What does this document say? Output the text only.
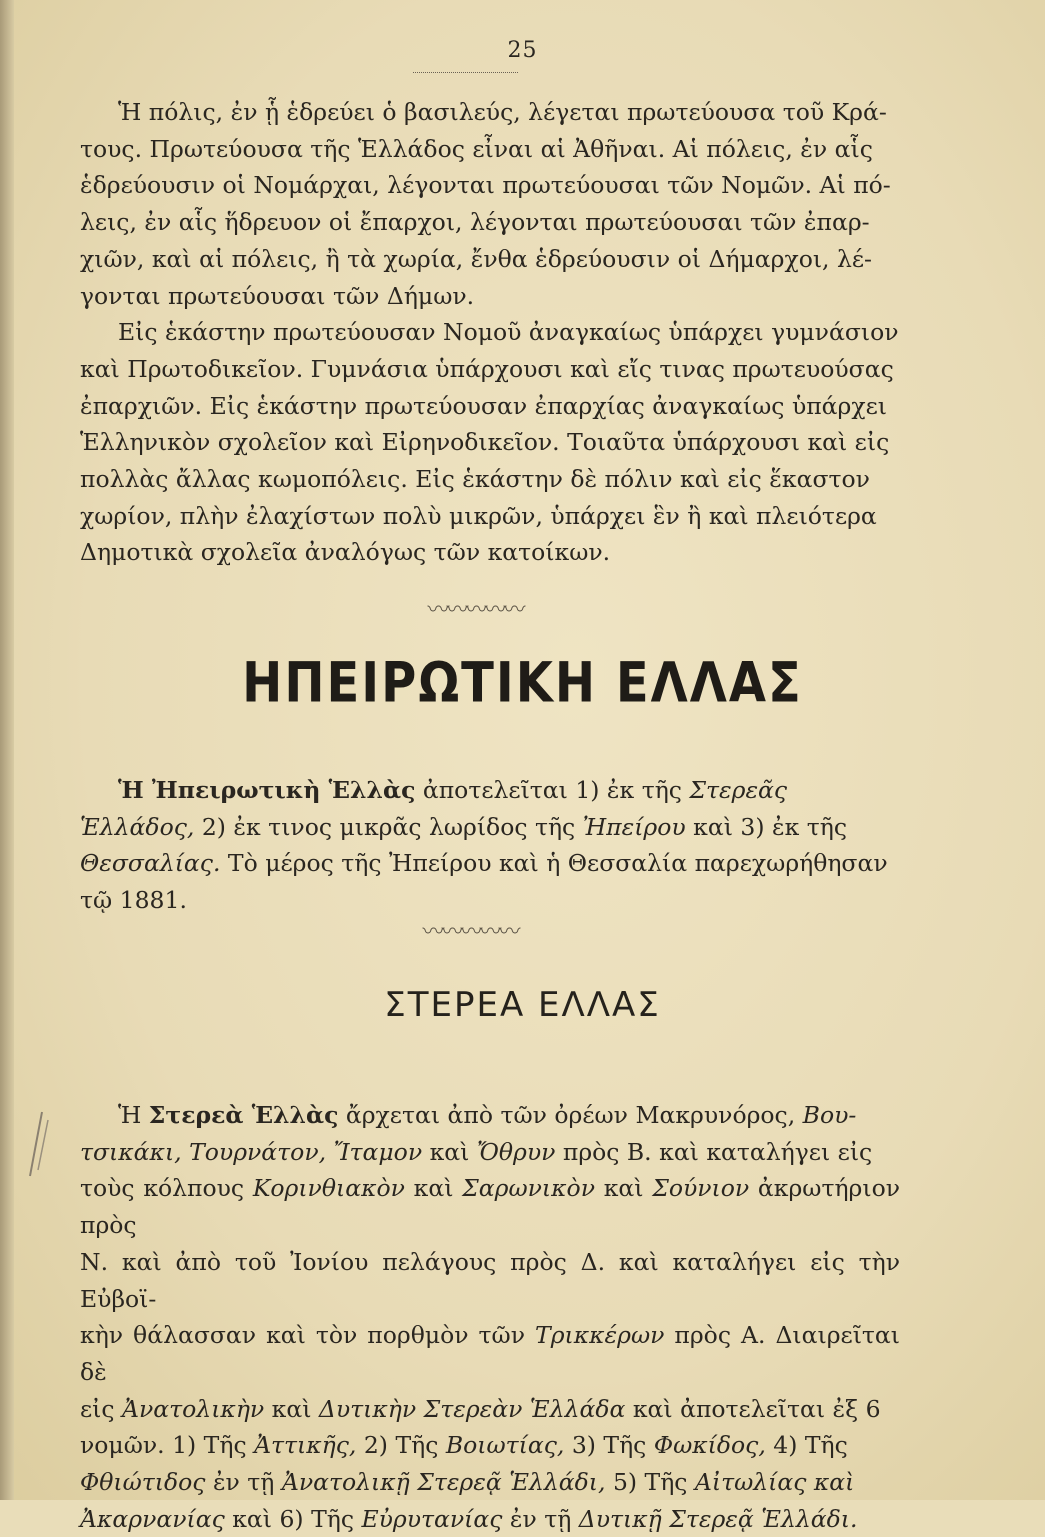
25

Ἡ πόλις, ἐν ᾗ ἑδρεύει ὁ βασιλεύς, λέγεται πρωτεύουσα τοῦ Κρά-

τους. Πρωτεύουσα τῆς Ἑλλάδος εἶναι αἱ Ἀθῆναι. Αἱ πόλεις, ἐν αἷς

ἑδρεύουσιν οἱ Νομάρχαι, λέγονται πρωτεύουσαι τῶν Νομῶν. Αἱ πό-

λεις, ἐν αἷς ἥδρευον οἱ ἔπαρχοι, λέγονται πρωτεύουσαι τῶν ἐπαρ-

χιῶν, καὶ αἱ πόλεις, ἢ τὰ χωρία, ἔνθα ἑδρεύουσιν οἱ Δήμαρχοι, λέ-

γονται πρωτεύουσαι τῶν Δήμων.

Εἰς ἑκάστην πρωτεύουσαν Νομοῦ ἀναγκαίως ὑπάρχει γυμνάσιον

καὶ Πρωτοδικεῖον. Γυμνάσια ὑπάρχουσι καὶ εἴς τινας πρωτευούσας

ἐπαρχιῶν. Εἰς ἑκάστην πρωτεύουσαν ἐπαρχίας ἀναγκαίως ὑπάρχει

Ἑλληνικὸν σχολεῖον καὶ Εἰρηνοδικεῖον. Τοιαῦτα ὑπάρχουσι καὶ εἰς

πολλὰς ἄλλας κωμοπόλεις. Εἰς ἑκάστην δὲ πόλιν καὶ εἰς ἕκαστον

χωρίον, πλὴν ἐλαχίστων πολὺ μικρῶν, ὑπάρχει ἓν ἢ καὶ πλειότερα

Δημοτικὰ σχολεῖα ἀναλόγως τῶν κατοίκων.

〰〰〰〰〰
ΗΠΕΙΡΩΤΙΚΗ ΕΛΛΑΣ

Ἡ Ἠπειρωτικὴ Ἑλλὰς ἀποτελεῖται 1) ἐκ τῆς Στερεᾶς

Ἑλλάδος, 2) ἐκ τινος μικρᾶς λωρίδος τῆς Ἠπείρου καὶ 3) ἐκ τῆς

Θεσσαλίας. Τὸ μέρος τῆς Ἠπείρου καὶ ἡ Θεσσαλία παρεχωρήθησαν

τῷ 1881.

〰〰〰〰〰
ΣΤΕΡΕΑ ΕΛΛΑΣ

Ἡ Στερεὰ Ἑλλὰς ἄρχεται ἀπὸ τῶν ὀρέων Μακρυνόρος, Βου-

τσικάκι, Τουρνάτον, Ἴταμον καὶ Ὄθρυν πρὸς Β. καὶ καταλήγει εἰς

τοὺς κόλπους Κορινθιακὸν καὶ Σαρωνικὸν καὶ Σούνιον ἀκρωτήριον πρὸς

Ν. καὶ ἀπὸ τοῦ Ἰονίου πελάγους πρὸς Δ. καὶ καταλήγει εἰς τὴν Εὐβοϊ-

κὴν θάλασσαν καὶ τὸν πορθμὸν τῶν Τρικκέρων πρὸς Α. Διαιρεῖται δὲ

εἰς Ἀνατολικὴν καὶ Δυτικὴν Στερεὰν Ἑλλάδα καὶ ἀποτελεῖται ἐξ 6

νομῶν. 1) Τῆς Ἀττικῆς, 2) Τῆς Βοιωτίας, 3) Τῆς Φωκίδος, 4) Τῆς

Φθιώτιδος ἐν τῇ Ἀνατολικῇ Στερεᾷ Ἑλλάδι, 5) Τῆς Αἰτωλίας καὶ

Ἀκαρνανίας καὶ 6) Τῆς Εὐρυτανίας ἐν τῇ Δυτικῇ Στερεᾷ Ἑλλάδι.
